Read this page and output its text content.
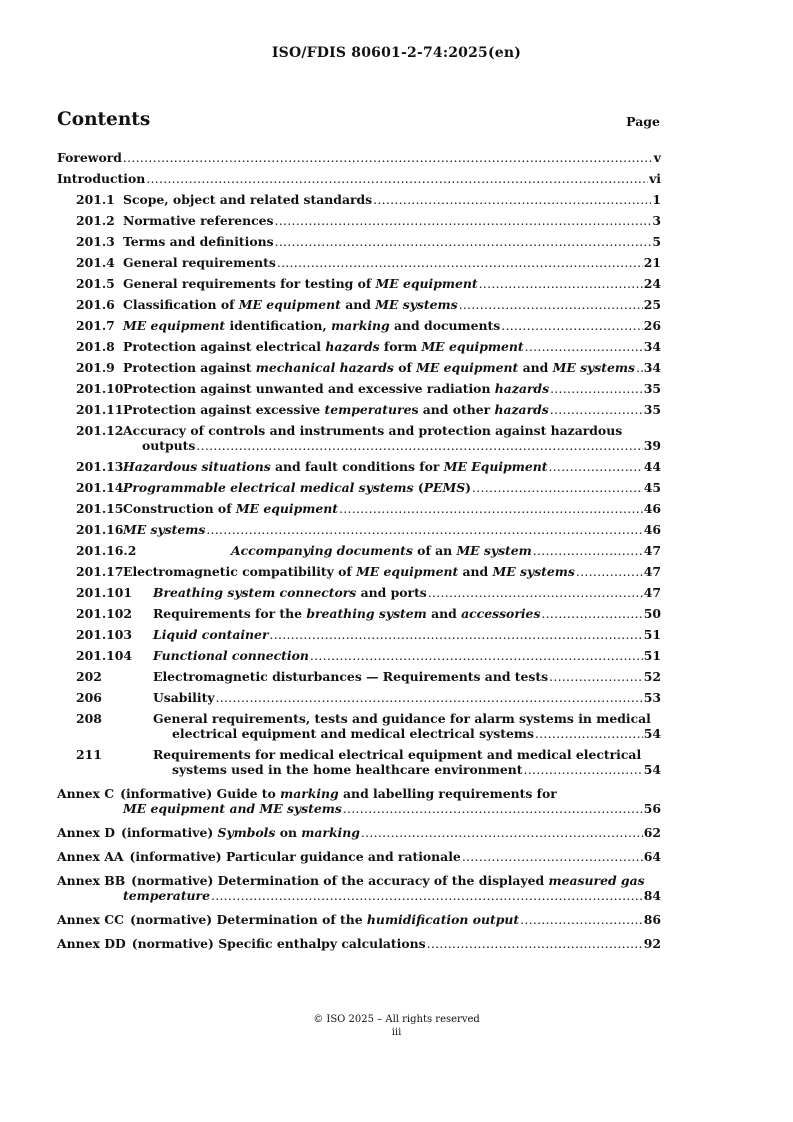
ISO/FDIS 80601-2-74:2025(en)
Contents	Page
Foreword .....	v
Introduction .....	vi
201.1 Scope, object and related standards .....	1
201.2 Normative references .....	3
201.3 Terms and definitions .....	5
201.4 General requirements .....	21
201.5 General requirements for testing of ME equipment .....	24
201.6 Classification of ME equipment and ME systems .....	25
201.7 ME equipment identification, marking and documents .....	26
201.8 Protection against electrical hazards form ME equipment .....	34
201.9 Protection against mechanical hazards of ME equipment and ME systems ..... 34
201.10 Protection against unwanted and excessive radiation hazards .....	35
201.11 Protection against excessive temperatures and other hazards .....	35
201.12 Accuracy of controls and instruments and protection against hazardous
outputs .....	39
201.13 Hazardous situations and fault conditions for ME Equipment .....	44
201.14 Programmable electrical medical systems (PEMS) .....	45
201.15 Construction of ME equipment .....	46
201.16 ME systems .....	46
201.16.2	Accompanying documents of an ME system .....	47
201.17 Electromagnetic compatibility of ME equipment and ME systems .....	47
201.101	Breathing system connectors and ports .....	47
201.102	Requirements for the breathing system and accessories .....	50
201.103	Liquid container .....	51
201.104	Functional connection .....	51
202	Electromagnetic disturbances — Requirements and tests .....	52
206	Usability .....	53
208	General requirements, tests and guidance for alarm systems in medical
electrical equipment and medical electrical systems .....	54
211	Requirements for medical electrical equipment and medical electrical
systems used in the home healthcare environment .....	54
Annex C (informative) Guide to marking and labelling requirements for
ME equipment and ME systems .....	56
Annex D (informative) Symbols on marking .....	62
Annex AA (informative) Particular guidance and rationale .....	64
Annex BB (normative) Determination of the accuracy of the displayed measured gas
temperature .....	84
Annex CC (normative) Determination of the humidification output .....	86
Annex DD (normative) Specific enthalpy calculations .....	92
© ISO 2025 – All rights reserved
iii
